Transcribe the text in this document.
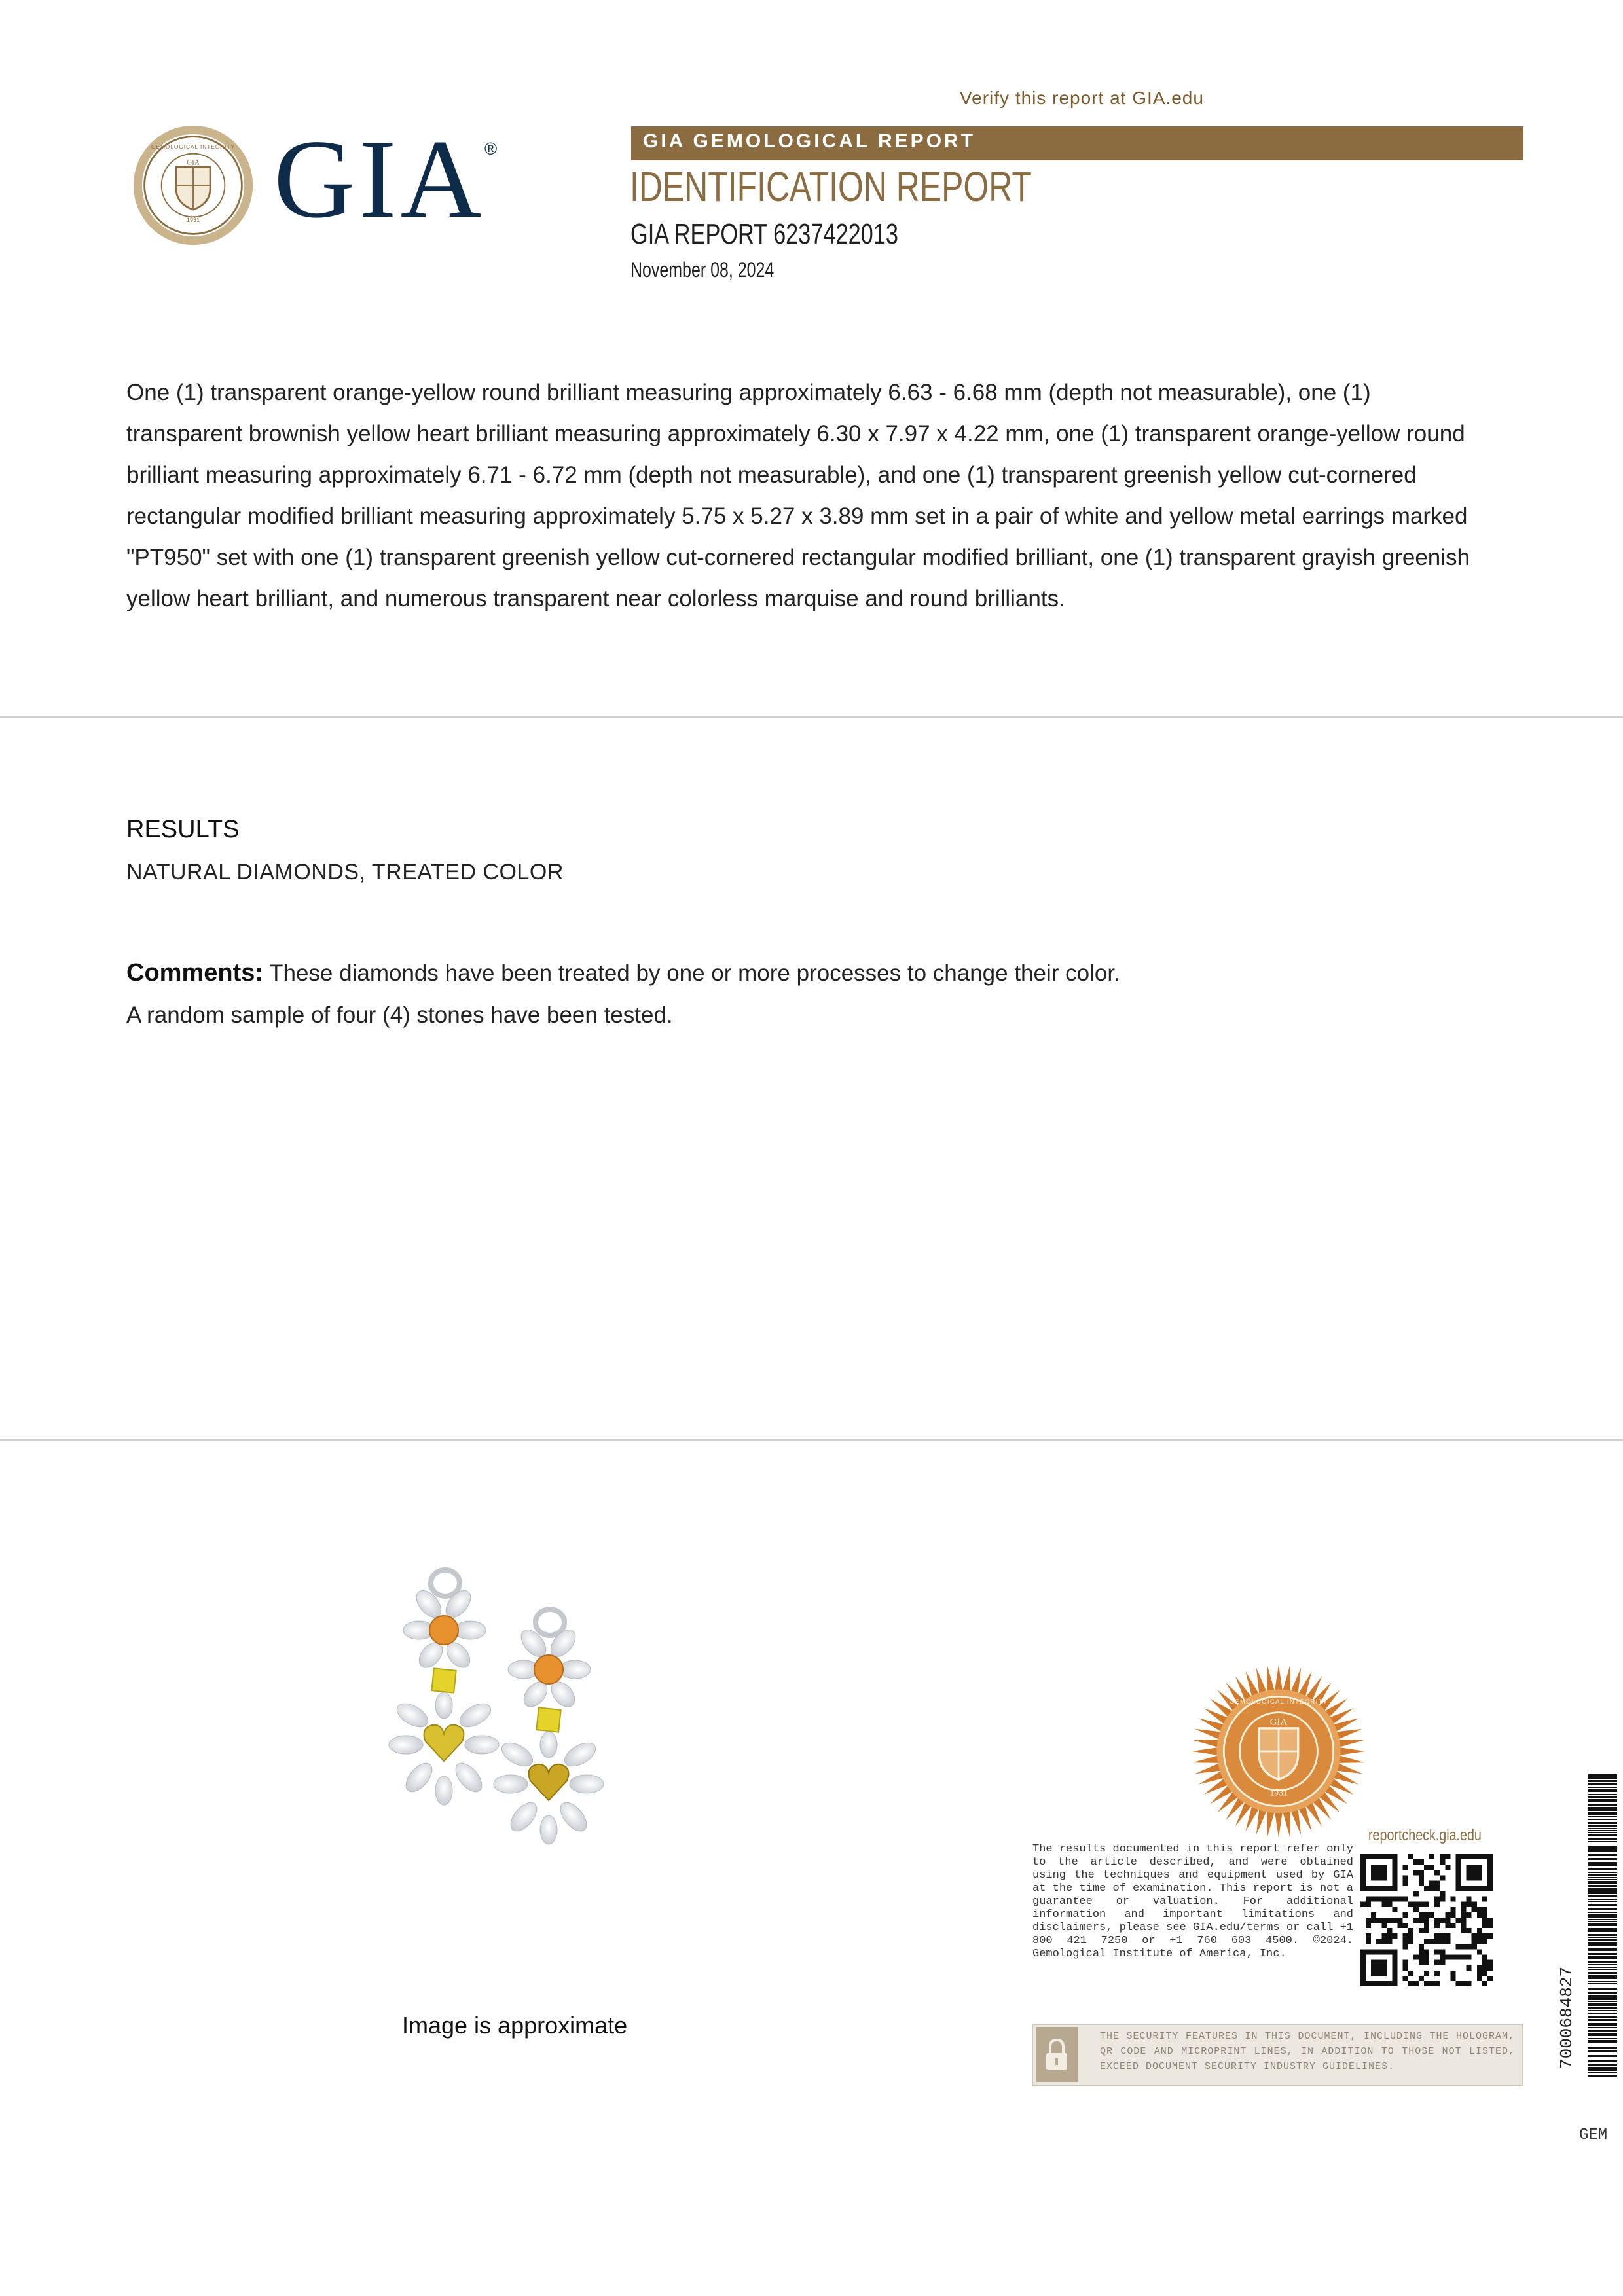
Verify this report at GIA.edu
GIA
1931
GEMOLOGICAL INTEGRITY GIA
®	GIA GEMOLOGICAL REPORT
IDENTIFICATION REPORT
GIA REPORT 6237422013
November 08, 2024
One (1) transparent orange-yellow round brilliant measuring approximately 6.63 - 6.68 mm (depth not measurable), one (1) transparent brownish yellow heart brilliant measuring approximately 6.30 x 7.97 x 4.22 mm, one (1) transparent orange-yellow round brilliant measuring approximately 6.71 - 6.72 mm (depth not measurable), and one (1) transparent greenish yellow cut-cornered rectangular modified brilliant measuring approximately 5.75 x 5.27 x 3.89 mm set in a pair of white and yellow metal earrings marked "PT950" set with one (1) transparent greenish yellow cut-cornered rectangular modified brilliant, one (1) transparent grayish greenish yellow heart brilliant, and numerous transparent near colorless marquise and round brilliants.
RESULTS
NATURAL DIAMONDS, TREATED COLOR
Comments: These diamonds have been treated by one or more processes to change their color.
A random sample of four (4) stones have been tested.
Image is approximate
GIA
1931
GEMOLOGICAL INTEGRITY
reportcheck.gia.edu
The results documented in this report refer only to the article described, and were obtained using the techniques and equipment used by GIA at the time of examination. This report is not a guarantee or valuation. For additional information and important limitations and disclaimers, please see GIA.edu/terms or call +1 800 421 7250 or +1 760 603 4500. ©2024. Gemological Institute of America, Inc.
THE SECURITY FEATURES IN THIS DOCUMENT, INCLUDING THE HOLOGRAM, QR CODE AND MICROPRINT LINES, IN ADDITION TO THOSE NOT LISTED, EXCEED DOCUMENT SECURITY INDUSTRY GUIDELINES.	7000684827
GEM
